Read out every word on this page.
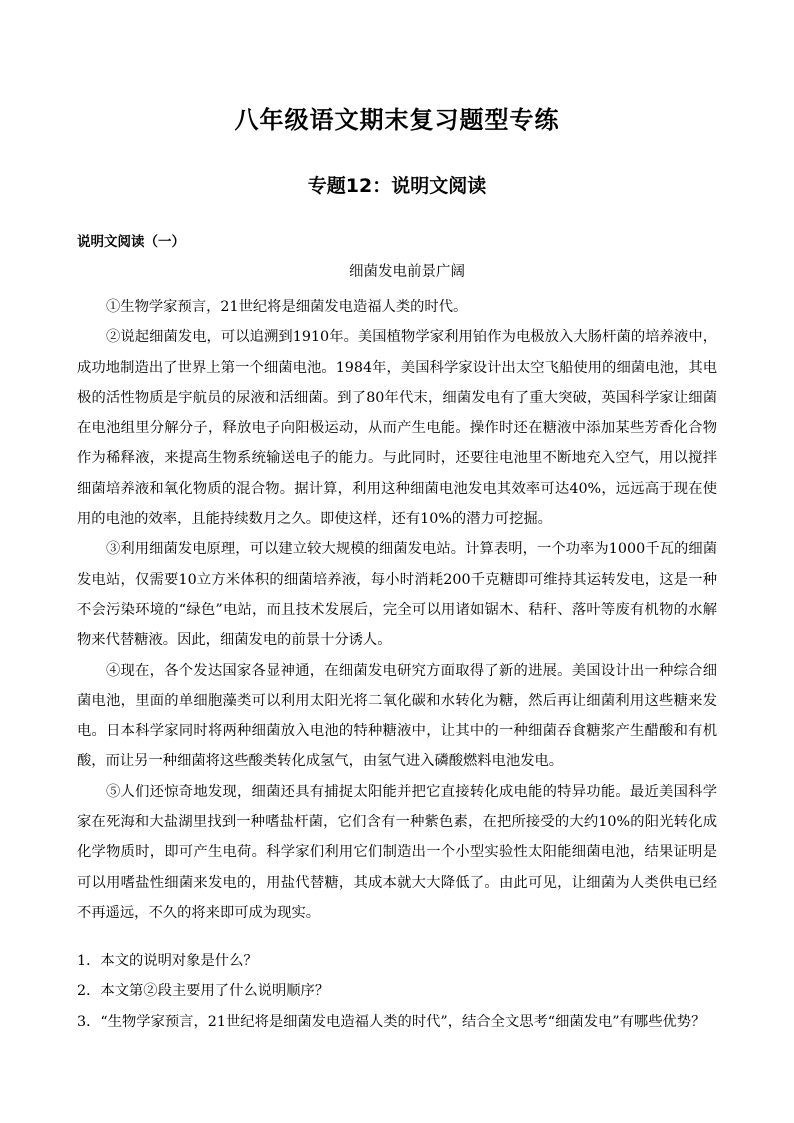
八年级语文期末复习题型专练
专题12：说明文阅读
说明文阅读（一）
细菌发电前景广阔

①生物学家预言，21世纪将是细菌发电造福人类的时代。

②说起细菌发电，可以追溯到1910年。美国植物学家利用铂作为电极放入大肠杆菌的培养液中，成功地制造出了世界上第一个细菌电池。1984年，美国科学家设计出太空飞船使用的细菌电池，其电极的活性物质是宇航员的尿液和活细菌。到了80年代末，细菌发电有了重大突破，英国科学家让细菌在电池组里分解分子，释放电子向阳极运动，从而产生电能。操作时还在糖液中添加某些芳香化合物作为稀释液，来提高生物系统输送电子的能力。与此同时，还要往电池里不断地充入空气，用以搅拌细菌培养液和氧化物质的混合物。据计算，利用这种细菌电池发电其效率可达40%，远远高于现在使用的电池的效率，且能持续数月之久。即使这样，还有10%的潜力可挖掘。

③利用细菌发电原理，可以建立较大规模的细菌发电站。计算表明，一个功率为1000千瓦的细菌发电站，仅需要10立方米体积的细菌培养液，每小时消耗200千克糖即可维持其运转发电，这是一种不会污染环境的“绿色”电站，而且技术发展后，完全可以用诸如锯木、秸秆、落叶等废有机物的水解物来代替糖液。因此，细菌发电的前景十分诱人。

④现在，各个发达国家各显神通，在细菌发电研究方面取得了新的进展。美国设计出一种综合细菌电池，里面的单细胞藻类可以利用太阳光将二氧化碳和水转化为糖，然后再让细菌利用这些糖来发电。日本科学家同时将两种细菌放入电池的特种糖液中，让其中的一种细菌吞食糖浆产生醋酸和有机酸，而让另一种细菌将这些酸类转化成氢气，由氢气进入磷酸燃料电池发电。

⑤人们还惊奇地发现，细菌还具有捕捉太阳能并把它直接转化成电能的特异功能。最近美国科学家在死海和大盐湖里找到一种嗜盐杆菌，它们含有一种紫色素，在把所接受的大约10%的阳光转化成化学物质时，即可产生电荷。科学家们利用它们制造出一个小型实验性太阳能细菌电池，结果证明是可以用嗜盐性细菌来发电的，用盐代替糖，其成本就大大降低了。由此可见，让细菌为人类供电已经不再遥远，不久的将来即可成为现实。

1．本文的说明对象是什么？

2．本文第②段主要用了什么说明顺序？

3．“生物学家预言，21世纪将是细菌发电造福人类的时代”，结合全文思考“细菌发电”有哪些优势？
